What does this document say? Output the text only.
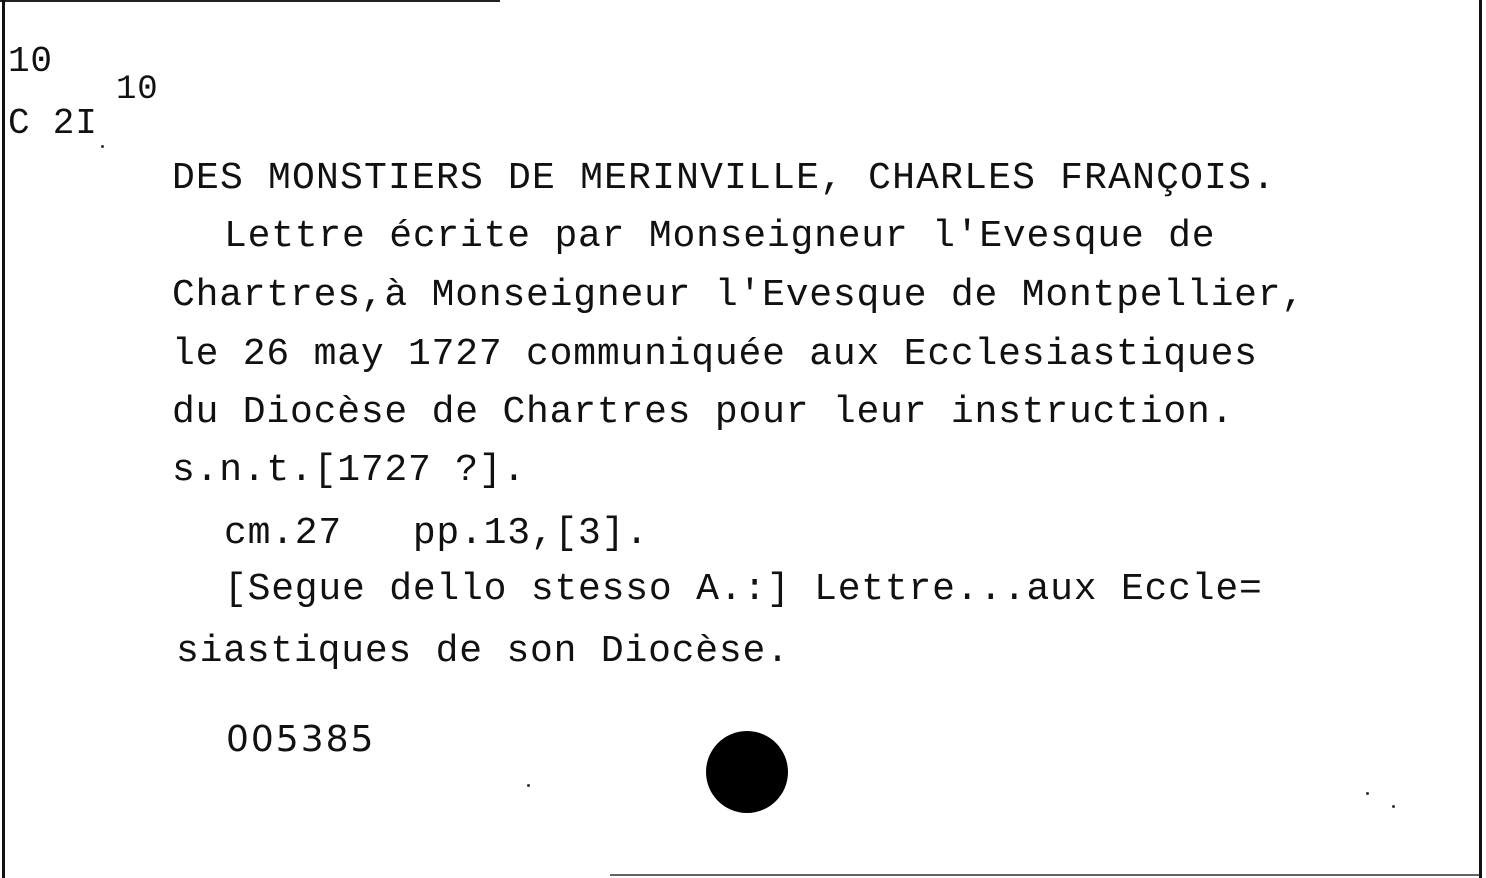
10
C 2I
10
DES MONSTIERS DE MERINVILLE, CHARLES FRANÇOIS.
Lettre écrite par Monseigneur l'Evesque de
Chartres,à Monseigneur l'Evesque de Montpellier,
le 26 may 1727 communiquée aux Ecclesiastiques
du Diocèse de Chartres pour leur instruction.
s.n.t.[1727 ?].
cm.27   pp.13,[3].
[Segue dello stesso A.:] Lettre...aux Eccle=
siastiques de son Diocèse.
005385
